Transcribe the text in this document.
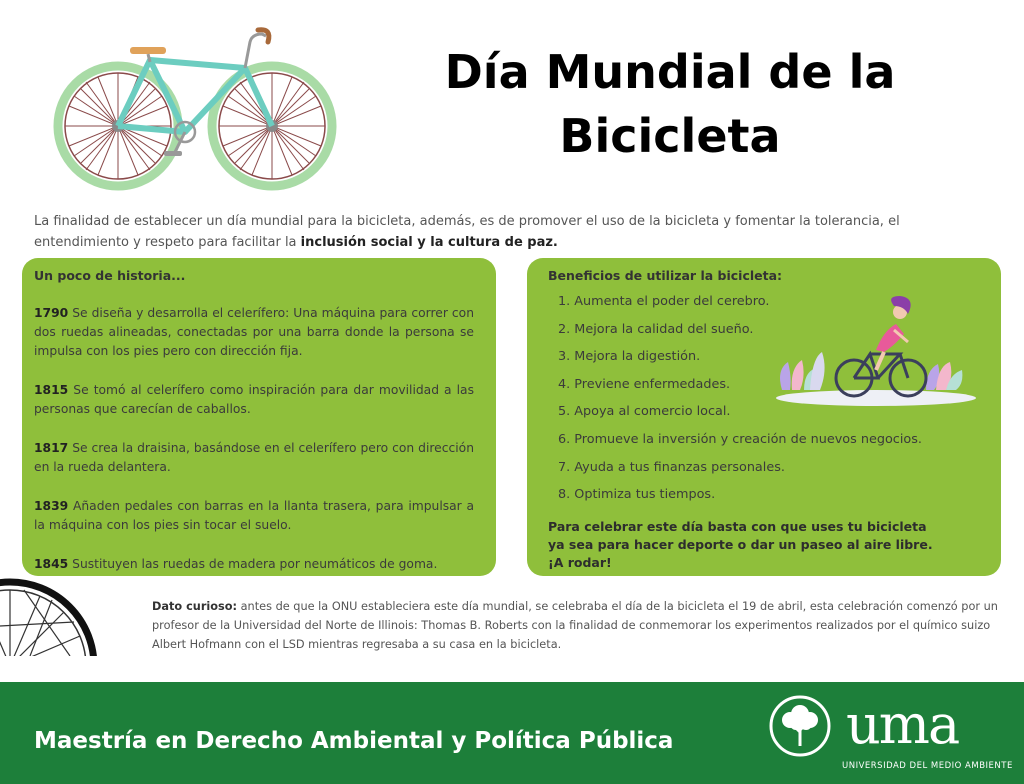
Día Mundial de la
Bicicleta
La finalidad de establecer un día mundial para la bicicleta, además, es de promover el uso de la bicicleta y fomentar la tolerancia, el entendimiento y respeto para facilitar la inclusión social y la cultura de paz.
Un poco de historia...
1790 Se diseña y desarrolla el celerífero: Una máquina para correr con dos ruedas alineadas, conectadas por una barra donde la persona se impulsa con los pies pero con dirección fija.
1815 Se tomó al celerífero como inspiración para dar movilidad a las personas que carecían de caballos.
1817 Se crea la draisina, basándose en el celerífero pero con dirección en la rueda delantera.
1839 Añaden pedales con barras en la llanta trasera, para impulsar a la máquina con los pies sin tocar el suelo.
1845 Sustituyen las ruedas de madera por neumáticos de goma.
Beneficios de utilizar la bicicleta:
1. Aumenta el poder del cerebro.
2. Mejora la calidad del sueño.
3. Mejora la digestión.
4. Previene enfermedades.
5. Apoya al comercio local.
6. Promueve la inversión y creación de nuevos negocios.
7. Ayuda a tus finanzas personales.
8. Optimiza tus tiempos.
Para celebrar este día basta con que uses tu bicicleta
ya sea para hacer deporte o dar un paseo al aire libre.
¡A rodar!
Dato curioso: antes de que la ONU estableciera este día mundial, se celebraba el día de la bicicleta el 19 de abril, esta celebración comenzó por un profesor de la Universidad del Norte de Illinois: Thomas B. Roberts con la finalidad de conmemorar los experimentos realizados por el químico suizo Albert Hofmann con el LSD mientras regresaba a su casa en la bicicleta.
Maestría en Derecho Ambiental y Política Pública	uma
UNIVERSIDAD DEL MEDIO AMBIENTE
